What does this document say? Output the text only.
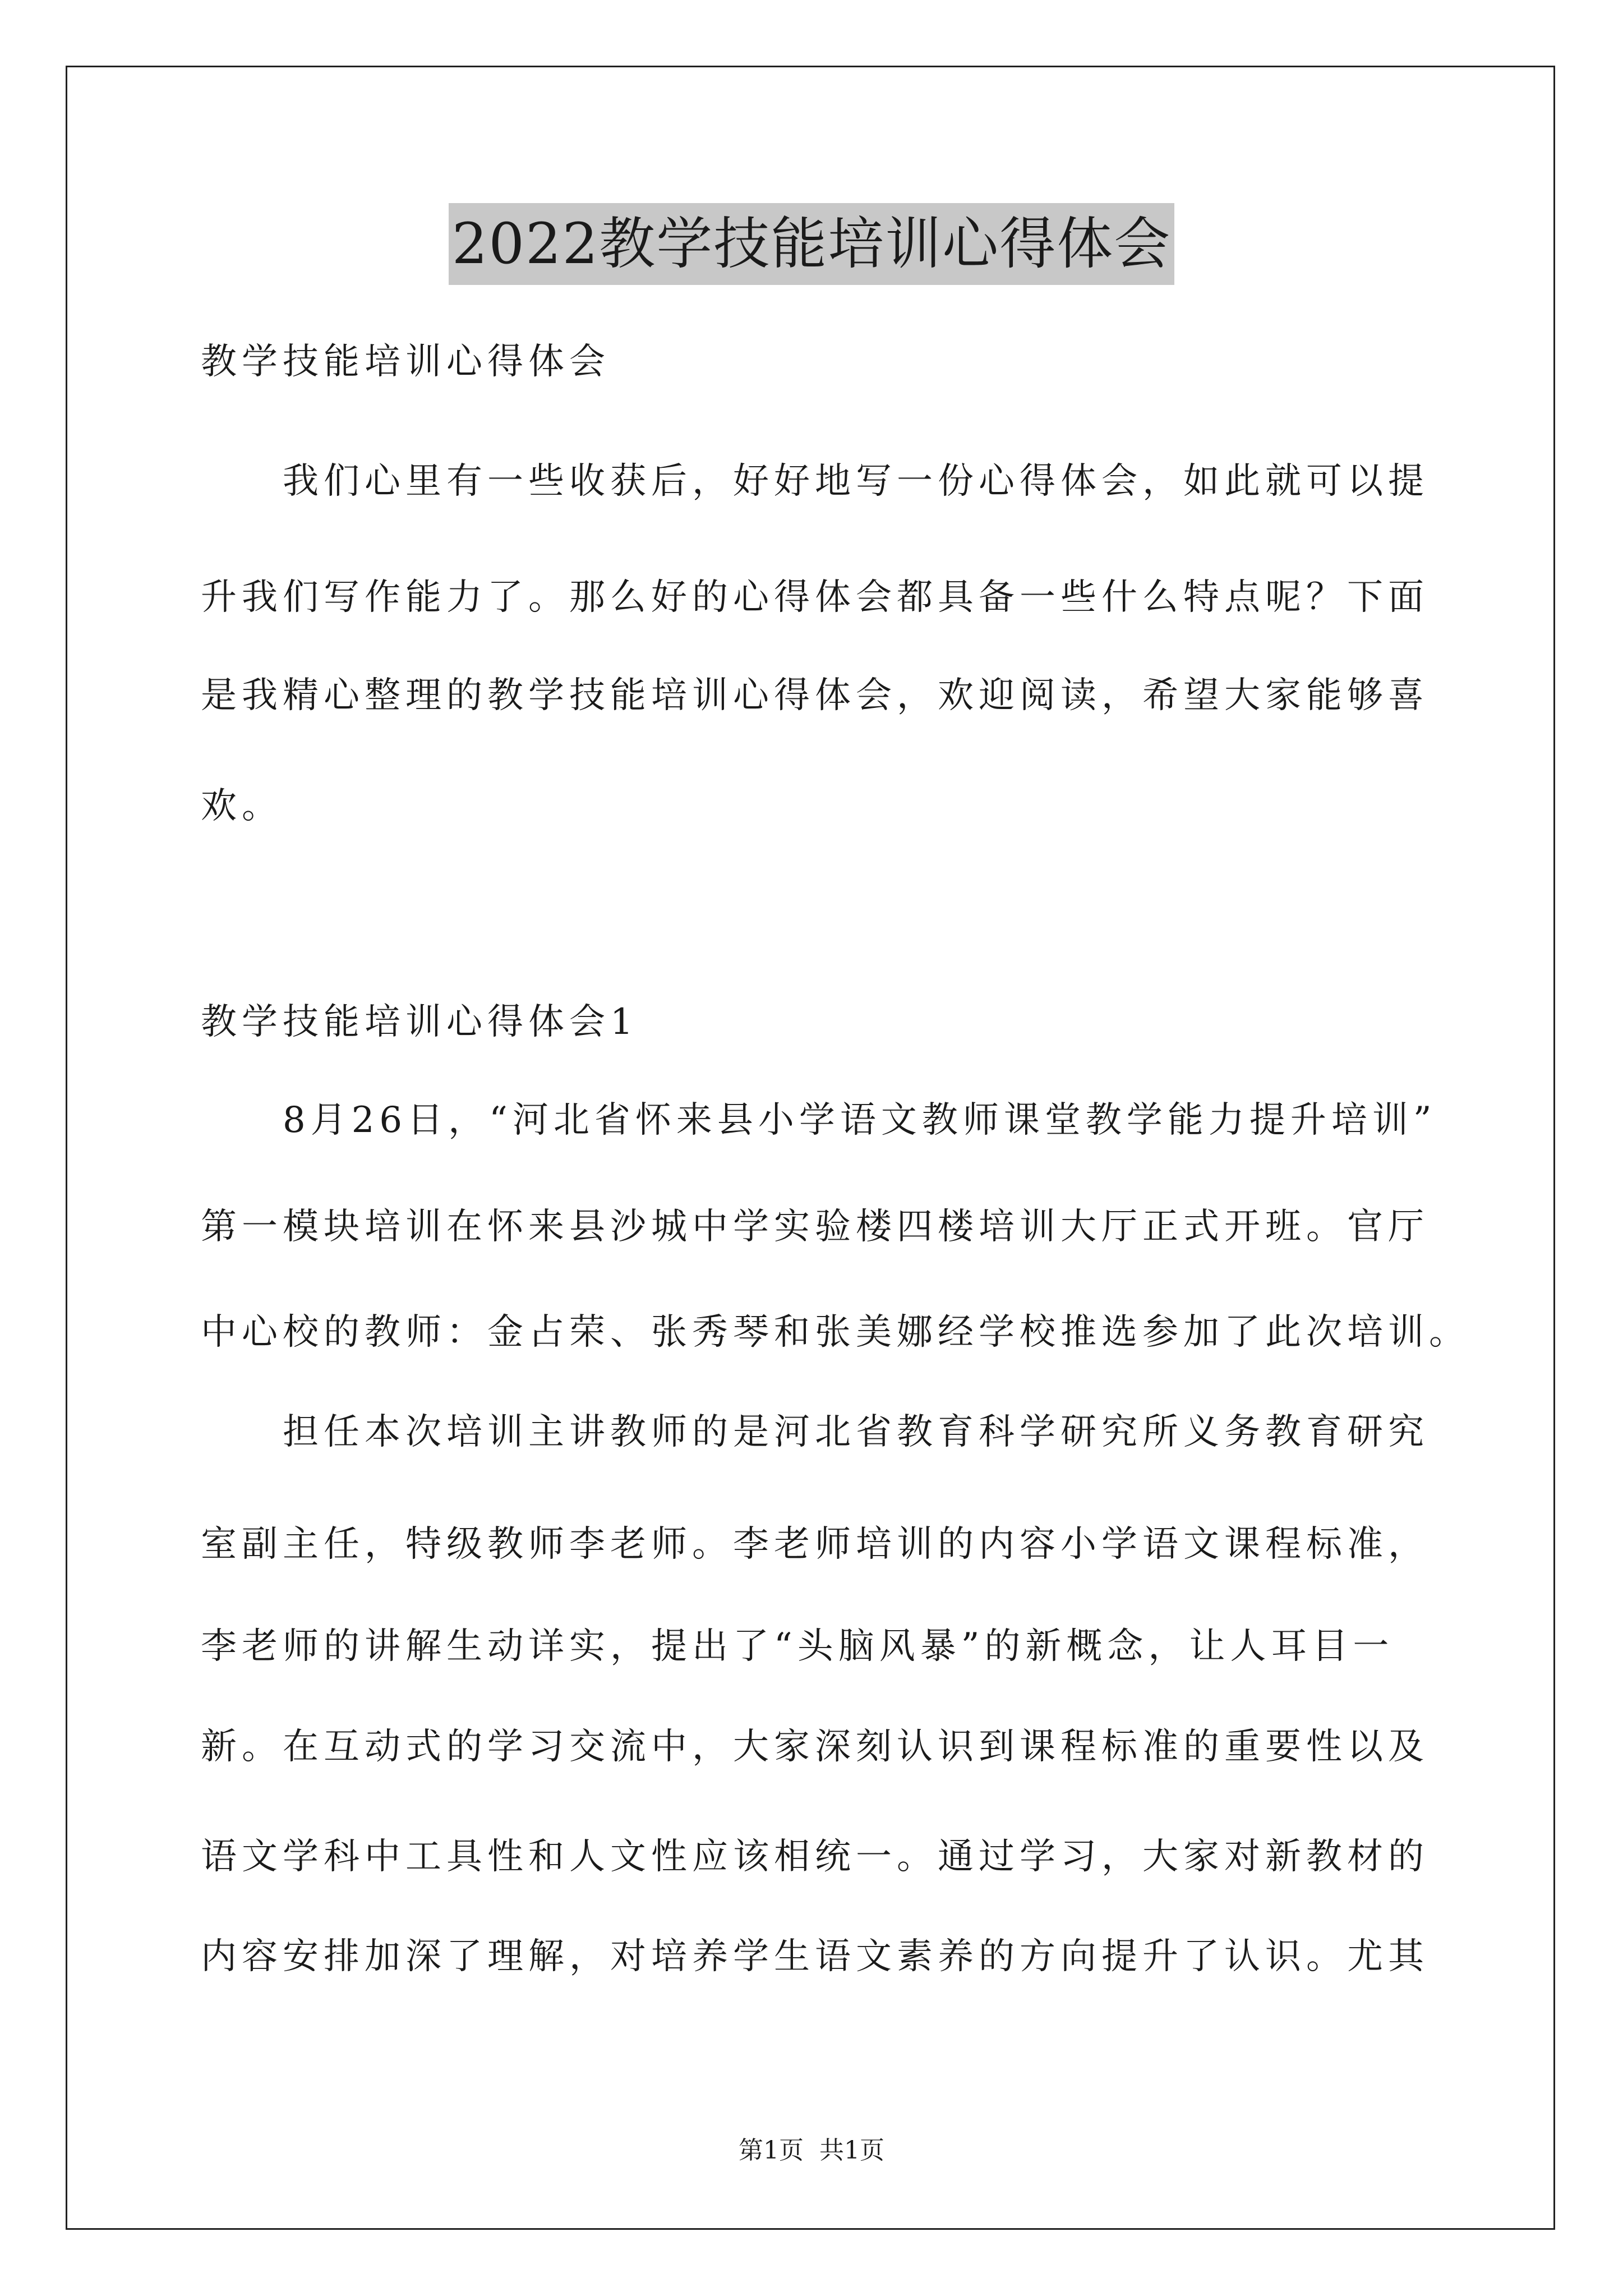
2022教学技能培训心得体会
教学技能培训心得体会
　　我们心里有一些收获后，好好地写一份心得体会，如此就可以提
升我们写作能力了。那么好的心得体会都具备一些什么特点呢？下面
是我精心整理的教学技能培训心得体会，欢迎阅读，希望大家能够喜
欢。
教学技能培训心得体会1
　　8月26日，“河北省怀来县小学语文教师课堂教学能力提升培训”
第一模块培训在怀来县沙城中学实验楼四楼培训大厅正式开班。官厅
中心校的教师：金占荣、张秀琴和张美娜经学校推选参加了此次培训。
　　担任本次培训主讲教师的是河北省教育科学研究所义务教育研究
室副主任，特级教师李老师。李老师培训的内容小学语文课程标准，
李老师的讲解生动详实，提出了“头脑风暴”的新概念，让人耳目一
新。在互动式的学习交流中，大家深刻认识到课程标准的重要性以及
语文学科中工具性和人文性应该相统一。通过学习，大家对新教材的
内容安排加深了理解，对培养学生语文素养的方向提升了认识。尤其
第1页 共1页
